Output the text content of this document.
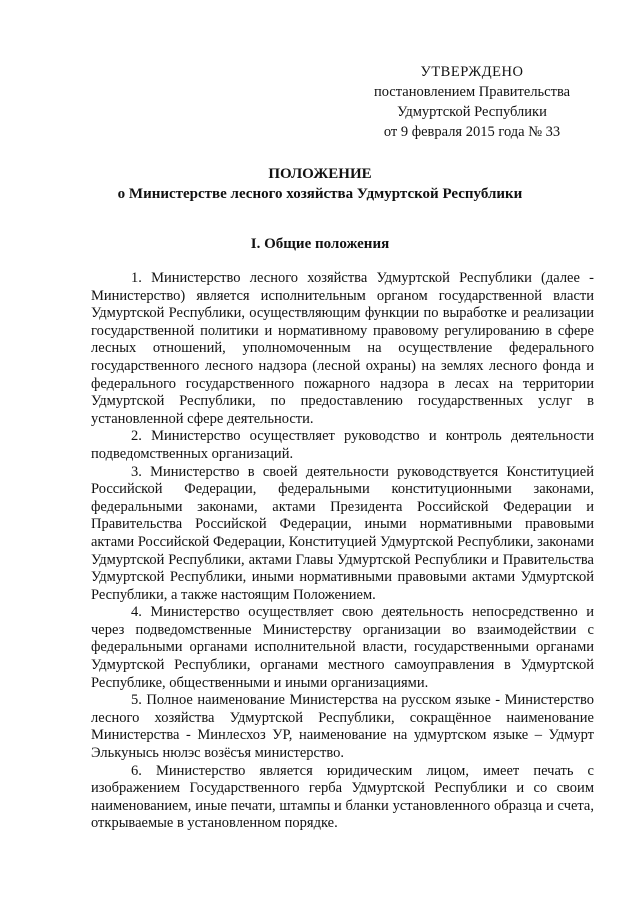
УТВЕРЖДЕНО
постановлением Правительства
Удмуртской Республики
от 9 февраля 2015 года № 33
ПОЛОЖЕНИЕ
о Министерстве лесного хозяйства Удмуртской Республики
I. Общие положения

1. Министерство лесного хозяйства Удмуртской Республики (далее - Министерство) является исполнительным органом государственной власти Удмуртской Республики, осуществляющим функции по выработке и реализации государственной политики и нормативному правовому регулированию в сфере лесных отношений, уполномоченным на осуществление федерального государственного лесного надзора (лесной охраны) на землях лесного фонда и федерального государственного пожарного надзора в лесах на территории Удмуртской Республики, по предоставлению государственных услуг в установленной сфере деятельности.

2. Министерство осуществляет руководство и контроль деятельности подведомственных организаций.

3. Министерство в своей деятельности руководствуется Конституцией Российской Федерации, федеральными конституционными законами, федеральными законами, актами Президента Российской Федерации и Правительства Российской Федерации, иными нормативными правовыми актами Российской Федерации, Конституцией Удмуртской Республики, законами Удмуртской Республики, актами Главы Удмуртской Республики и Правительства Удмуртской Республики, иными нормативными правовыми актами Удмуртской Республики, а также настоящим Положением.

4. Министерство осуществляет свою деятельность непосредственно и через подведомственные Министерству организации во взаимодействии с федеральными органами исполнительной власти, государственными органами Удмуртской Республики, органами местного самоуправления в Удмуртской Республике, общественными и иными организациями.

5. Полное наименование Министерства на русском языке - Министерство лесного хозяйства Удмуртской Республики, сокращённое наименование Министерства - Минлесхоз УР, наименование на удмуртском языке – Удмурт Элькунысь нюлэс возёсъя министерство.

6. Министерство является юридическим лицом, имеет печать с изображением Государственного герба Удмуртской Республики и со своим наименованием, иные печати, штампы и бланки установленного образца и счета, открываемые в установленном порядке.
